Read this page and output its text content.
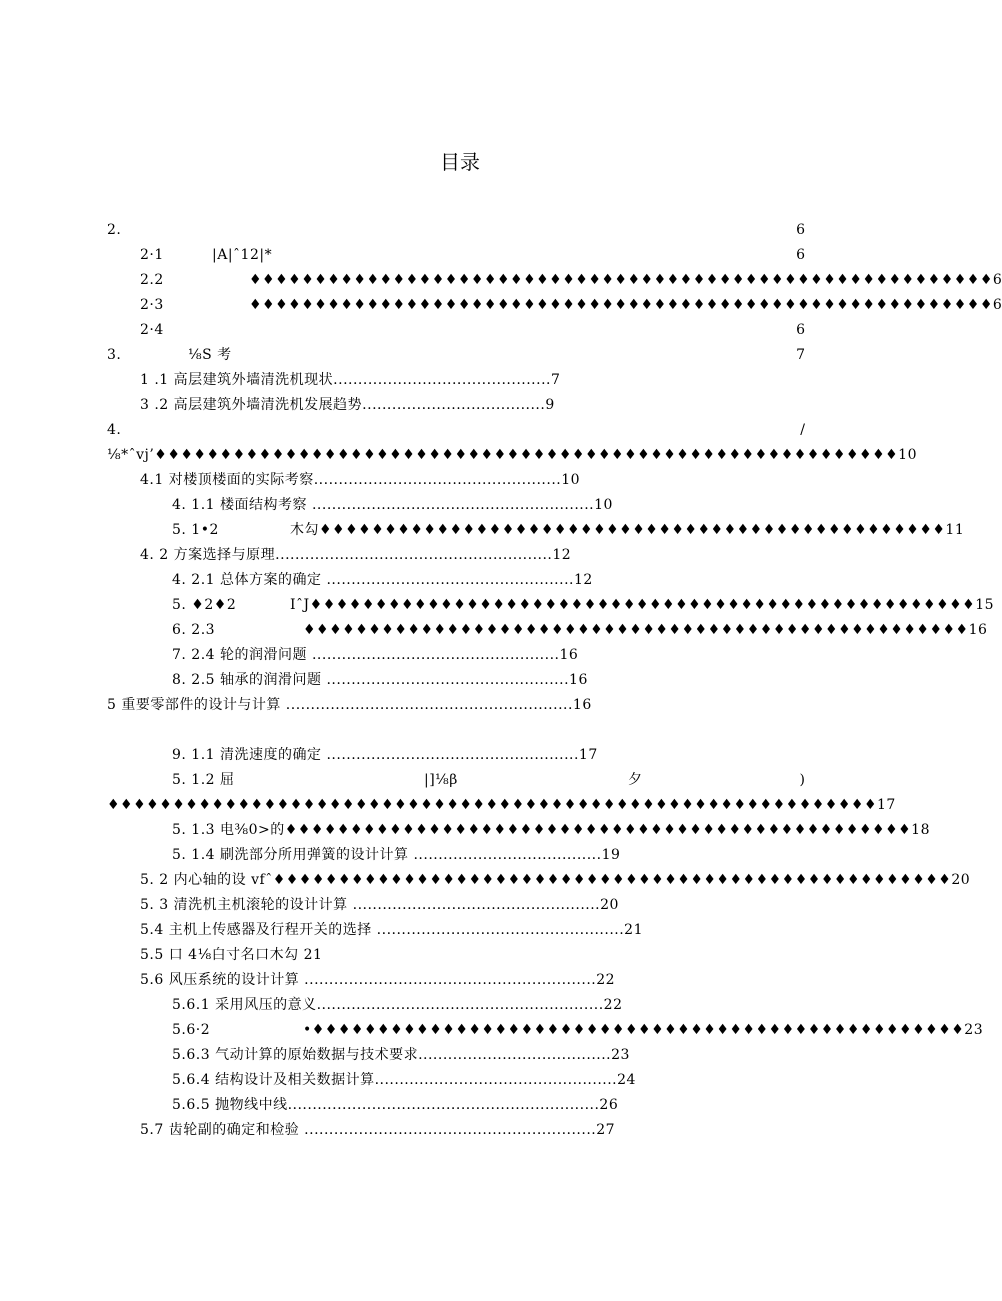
目录
2.	6
2·1	|A|ˆ12|*	6
2.2	♦♦♦♦♦♦♦♦♦♦♦♦♦♦♦♦♦♦♦♦♦♦♦♦♦♦♦♦♦♦♦♦♦♦♦♦♦♦♦♦♦♦♦♦♦♦♦♦♦♦♦♦♦♦♦♦♦6
2·3	♦♦♦♦♦♦♦♦♦♦♦♦♦♦♦♦♦♦♦♦♦♦♦♦♦♦♦♦♦♦♦♦♦♦♦♦♦♦♦♦♦♦♦♦♦♦♦♦♦♦♦♦♦♦♦♦♦6
2·4	6
3.	⅛S 考	7
1 .1 高层建筑外墙清洗机现状............................................7
3 .2 高层建筑外墙清洗机发展趋势.....................................9
4.	/
⅛*ˆvj’♦♦♦♦♦♦♦♦♦♦♦♦♦♦♦♦♦♦♦♦♦♦♦♦♦♦♦♦♦♦♦♦♦♦♦♦♦♦♦♦♦♦♦♦♦♦♦♦♦♦♦♦♦♦♦♦♦10
4.1 对楼顶楼面的实际考察..................................................10
4. 1.1 楼面结构考察 .........................................................10
5. 1•2	木勾♦♦♦♦♦♦♦♦♦♦♦♦♦♦♦♦♦♦♦♦♦♦♦♦♦♦♦♦♦♦♦♦♦♦♦♦♦♦♦♦♦♦♦♦♦♦♦♦11
4. 2 方案选择与原理........................................................12
4. 2.1 总体方案的确定 ..................................................12
5. ♦2♦2	IˆJ♦♦♦♦♦♦♦♦♦♦♦♦♦♦♦♦♦♦♦♦♦♦♦♦♦♦♦♦♦♦♦♦♦♦♦♦♦♦♦♦♦♦♦♦♦♦♦♦♦♦♦15
6. 2.3	♦♦♦♦♦♦♦♦♦♦♦♦♦♦♦♦♦♦♦♦♦♦♦♦♦♦♦♦♦♦♦♦♦♦♦♦♦♦♦♦♦♦♦♦♦♦♦♦♦♦♦16
7. 2.4 轮的润滑问题 ..................................................16
8. 2.5 轴承的润滑问题 .................................................16
5 重要零部件的设计与计算 ..........................................................16
9. 1.1 清洗速度的确定 ...................................................17
5. 1.2 屈	|]⅛β	夕	)
♦♦♦♦♦♦♦♦♦♦♦♦♦♦♦♦♦♦♦♦♦♦♦♦♦♦♦♦♦♦♦♦♦♦♦♦♦♦♦♦♦♦♦♦♦♦♦♦♦♦♦♦♦♦♦♦♦♦♦17
5. 1.3 电⅜0>的♦♦♦♦♦♦♦♦♦♦♦♦♦♦♦♦♦♦♦♦♦♦♦♦♦♦♦♦♦♦♦♦♦♦♦♦♦♦♦♦♦♦♦♦♦♦♦♦18
5. 1.4 刷洗部分所用弹簧的设计计算 ......................................19
5. 2 内心轴的设 vfˆ♦♦♦♦♦♦♦♦♦♦♦♦♦♦♦♦♦♦♦♦♦♦♦♦♦♦♦♦♦♦♦♦♦♦♦♦♦♦♦♦♦♦♦♦♦♦♦♦♦♦♦♦20
5. 3 清洗机主机滚轮的设计计算 ..................................................20
5.4 主机上传感器及行程开关的选择 ..................................................21
5.5 口 4⅛白寸名口木勾 21
5.6 风压系统的设计计算 ...........................................................22
5.6.1 采用风压的意义..........................................................22
5.6·2	•♦♦♦♦♦♦♦♦♦♦♦♦♦♦♦♦♦♦♦♦♦♦♦♦♦♦♦♦♦♦♦♦♦♦♦♦♦♦♦♦♦♦♦♦♦♦♦♦♦♦23
5.6.3 气动计算的原始数据与技术要求.......................................23
5.6.4 结构设计及相关数据计算.................................................24
5.6.5 抛物线中线...............................................................26
5.7 齿轮副的确定和检验 ...........................................................27
